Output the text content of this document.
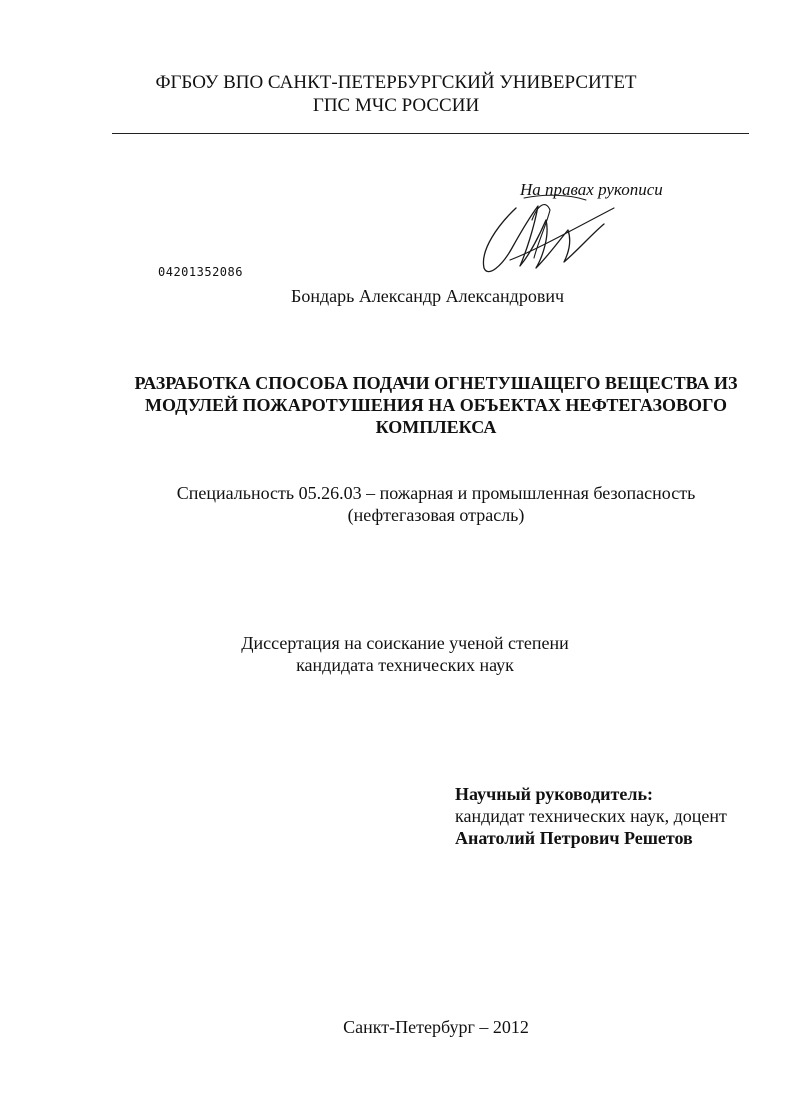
ФГБОУ ВПО САНКТ-ПЕТЕРБУРГСКИЙ УНИВЕРСИТЕТ
ГПС МЧС РОССИИ
На правах рукописи
04201352086
Бондарь Александр Александрович
РАЗРАБОТКА СПОСОБА ПОДАЧИ ОГНЕТУШАЩЕГО ВЕЩЕСТВА ИЗ
МОДУЛЕЙ ПОЖАРОТУШЕНИЯ НА ОБЪЕКТАХ НЕФТЕГАЗОВОГО
КОМПЛЕКСА
Специальность 05.26.03 – пожарная и промышленная безопасность
(нефтегазовая отрасль)
Диссертация на соискание ученой степени
кандидата технических наук
Научный руководитель:
кандидат технических наук, доцент
Анатолий Петрович Решетов
Санкт-Петербург – 2012
